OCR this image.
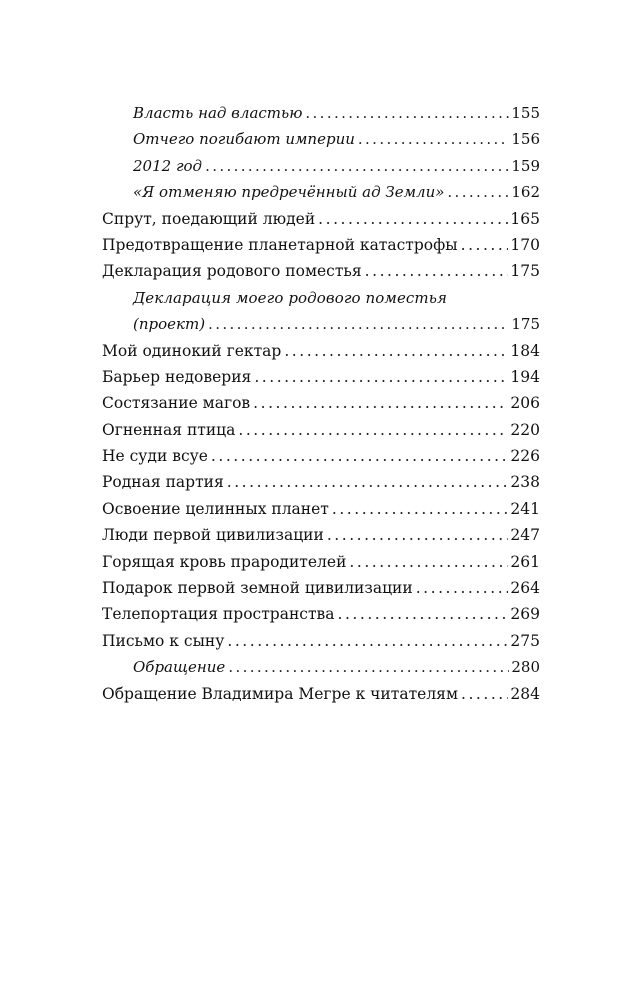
Власть над властью . . .	155
Отчего погибают империи . . .	156
2012 год . . .	159
«Я отменяю предречённый ад Земли» . . .	162
Спрут, поедающий людей . . .	165
Предотвращение планетарной катастрофы . . .	170
Декларация родового поместья . . .	175
Декларация моего родового поместья
(проект) . . .	175
Мой одинокий гектар . . .	184
Барьер недоверия . . .	194
Состязание магов . . .	206
Огненная птица . . .	220
Не суди всуе . . .	226
Родная партия . . .	238
Освоение целинных планет . . .	241
Люди первой цивилизации . . .	247
Горящая кровь прародителей . . .	261
Подарок первой земной цивилизации . . .	264
Телепортация пространства . . .	269
Письмо к сыну . . .	275
Обращение . . .	280
Обращение Владимира Мегре к читателям . . .	284
